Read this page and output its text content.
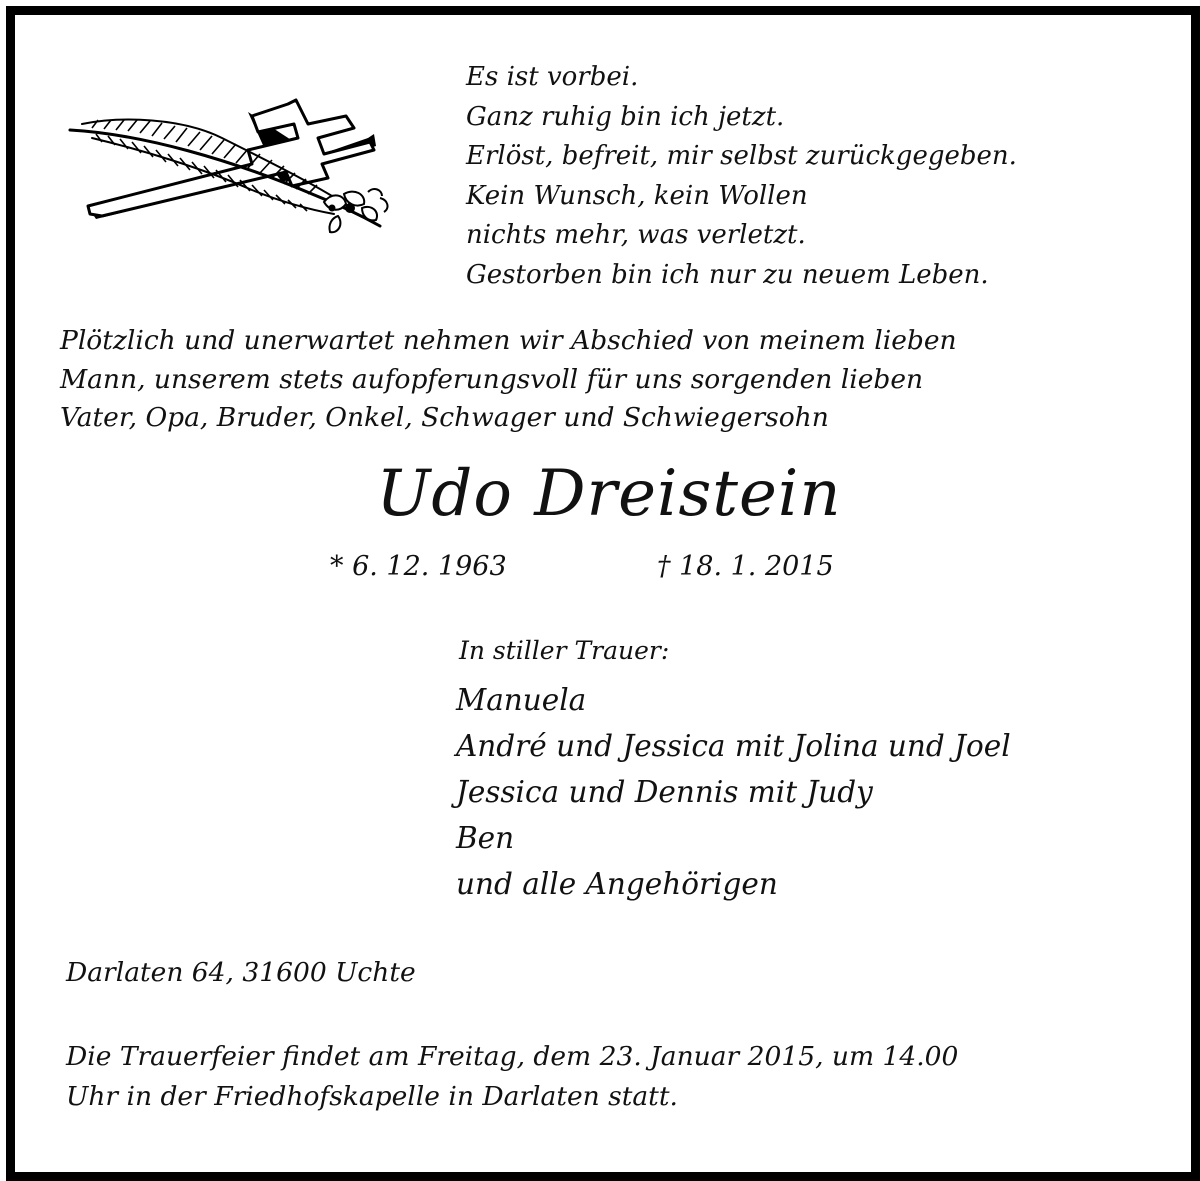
Es ist vorbei.
Ganz ruhig bin ich jetzt.
Erlöst, befreit, mir selbst zurückgegeben.
Kein Wunsch, kein Wollen
nichts mehr, was verletzt.
Gestorben bin ich nur zu neuem Leben.
Plötzlich und unerwartet nehmen wir Abschied von meinem lieben
Mann, unserem stets aufopferungsvoll für uns sorgenden lieben
Vater, Opa, Bruder, Onkel, Schwager und Schwiegersohn
Udo Dreistein
* 6. 12. 1963	† 18. 1. 2015
In stiller Trauer:
Manuela
André und Jessica mit Jolina und Joel
Jessica und Dennis mit Judy
Ben
und alle Angehörigen
Darlaten 64, 31600 Uchte
Die Trauerfeier findet am Freitag, dem 23. Januar 2015, um 14.00
Uhr in der Friedhofskapelle in Darlaten statt.
